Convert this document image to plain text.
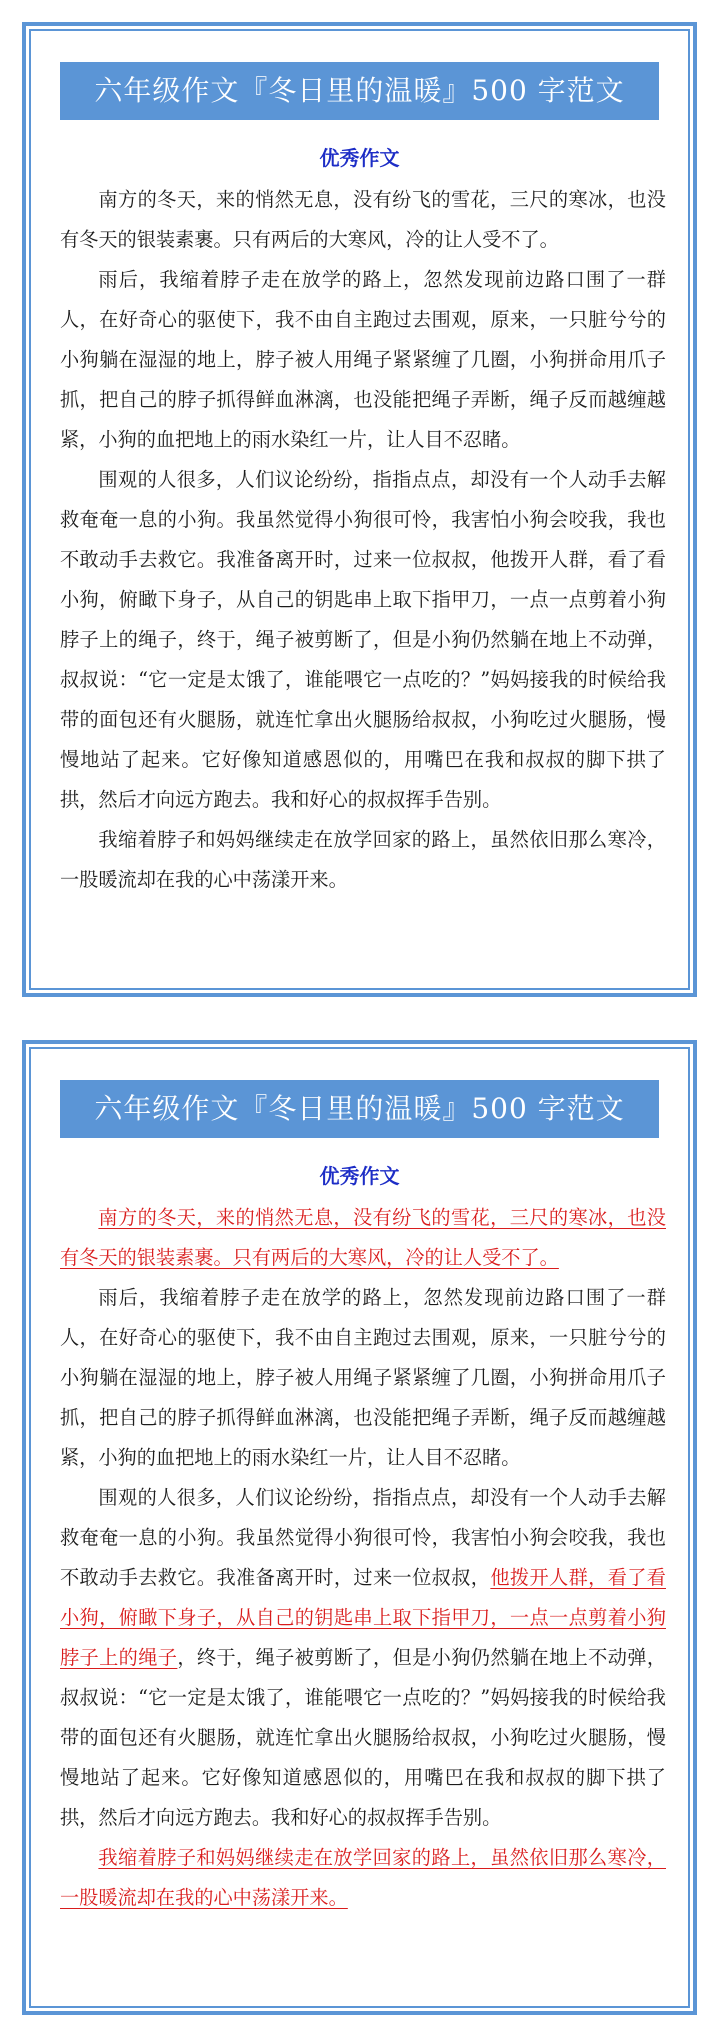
六年级作文『冬日里的温暖』500 字范文
优秀作文

南方的冬天，来的悄然无息，没有纷飞的雪花，三尺的寒冰，也没有冬天的银装素裹。只有两后的大寒风，冷的让人受不了。

雨后，我缩着脖子走在放学的路上，忽然发现前边路口围了一群人，在好奇心的驱使下，我不由自主跑过去围观，原来，一只脏兮兮的小狗躺在湿湿的地上，脖子被人用绳子紧紧缠了几圈，小狗拼命用爪子抓，把自己的脖子抓得鲜血淋漓，也没能把绳子弄断，绳子反而越缠越紧，小狗的血把地上的雨水染红一片，让人目不忍睹。

围观的人很多，人们议论纷纷，指指点点，却没有一个人动手去解救奄奄一息的小狗。我虽然觉得小狗很可怜，我害怕小狗会咬我，我也不敢动手去救它。我准备离开时，过来一位叔叔，他拨开人群，看了看小狗，俯瞰下身子，从自己的钥匙串上取下指甲刀，一点一点剪着小狗脖子上的绳子，终于，绳子被剪断了，但是小狗仍然躺在地上不动弹，叔叔说：“它一定是太饿了，谁能喂它一点吃的？”妈妈接我的时候给我带的面包还有火腿肠，就连忙拿出火腿肠给叔叔，小狗吃过火腿肠，慢慢地站了起来。它好像知道感恩似的，用嘴巴在我和叔叔的脚下拱了拱，然后才向远方跑去。我和好心的叔叔挥手告别。

我缩着脖子和妈妈继续走在放学回家的路上，虽然依旧那么寒冷，一股暖流却在我的心中荡漾开来。

六年级作文『冬日里的温暖』500 字范文
优秀作文

南方的冬天，来的悄然无息，没有纷飞的雪花，三尺的寒冰，也没有冬天的银装素裹。只有两后的大寒风，冷的让人受不了。

雨后，我缩着脖子走在放学的路上，忽然发现前边路口围了一群人，在好奇心的驱使下，我不由自主跑过去围观，原来，一只脏兮兮的小狗躺在湿湿的地上，脖子被人用绳子紧紧缠了几圈，小狗拼命用爪子抓，把自己的脖子抓得鲜血淋漓，也没能把绳子弄断，绳子反而越缠越紧，小狗的血把地上的雨水染红一片，让人目不忍睹。

围观的人很多，人们议论纷纷，指指点点，却没有一个人动手去解救奄奄一息的小狗。我虽然觉得小狗很可怜，我害怕小狗会咬我，我也不敢动手去救它。我准备离开时，过来一位叔叔，他拨开人群，看了看小狗，俯瞰下身子，从自己的钥匙串上取下指甲刀，一点一点剪着小狗脖子上的绳子，终于，绳子被剪断了，但是小狗仍然躺在地上不动弹，叔叔说：“它一定是太饿了，谁能喂它一点吃的？”妈妈接我的时候给我带的面包还有火腿肠，就连忙拿出火腿肠给叔叔，小狗吃过火腿肠，慢慢地站了起来。它好像知道感恩似的，用嘴巴在我和叔叔的脚下拱了拱，然后才向远方跑去。我和好心的叔叔挥手告别。

我缩着脖子和妈妈继续走在放学回家的路上，虽然依旧那么寒冷，一股暖流却在我的心中荡漾开来。
